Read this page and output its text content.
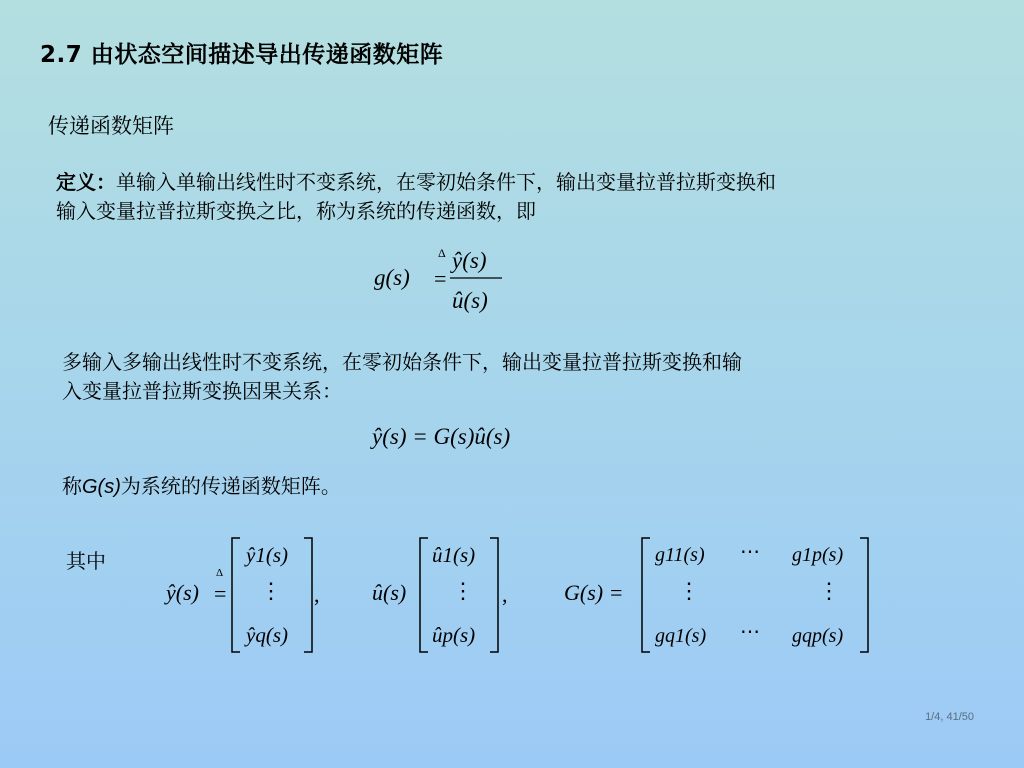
2.7 由状态空间描述导出传递函数矩阵
传递函数矩阵
定义：单输入单输出线性时不变系统，在零初始条件下，输出变量拉普拉斯变换和
输入变量拉普拉斯变换之比，称为系统的传递函数，即
g(s) =
Δ ŷ(s)
û(s)
多输入多输出线性时不变系统，在零初始条件下，输出变量拉普拉斯变换和输
入变量拉普拉斯变换因果关系：
ŷ(s) = G(s)û(s)
称G(s)为系统的传递函数矩阵。
其中
ŷ(s)
Δ
=
ŷ1(s)
⋮
ŷq(s)
, û(s)
û1(s)
⋮
ûp(s)
,	G(s) =
g11(s) ⋯ g1p(s)
⋮	⋮
gq1(s) ⋯ gqp(s)
1/4, 41/50
